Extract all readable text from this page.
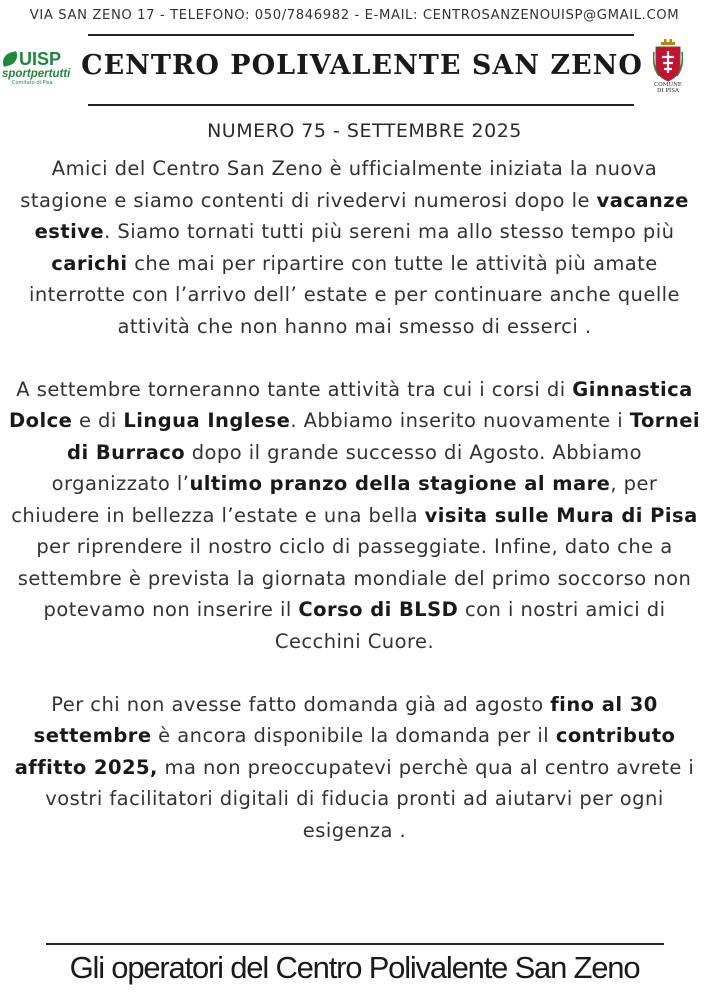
VIA SAN ZENO 17 - TELEFONO: 050/7846982 - E-MAIL: CENTROSANZENOUISP@GMAIL.COM
UISP
sportpertutti
Comitato di Pisa
CENTRO POLIVALENTE SAN ZENO
COMUNE DI PISA
NUMERO 75 - SETTEMBRE 2025

Amici del Centro San Zeno è ufficialmente iniziata la nuova stagione e siamo contenti di rivedervi numerosi dopo le vacanze estive. Siamo tornati tutti più sereni ma allo stesso tempo più carichi che mai per ripartire con tutte le attività più amate interrotte con l’arrivo dell’ estate e per continuare anche quelle attività che non hanno mai smesso di esserci .

A settembre torneranno tante attività tra cui i corsi di Ginnastica Dolce e di Lingua Inglese. Abbiamo inserito nuovamente i Tornei di Burraco dopo il grande successo di Agosto. Abbiamo organizzato l’ultimo pranzo della stagione al mare, per chiudere in bellezza l’estate e una bella visita sulle Mura di Pisa per riprendere il nostro ciclo di passeggiate. Infine, dato che a settembre è prevista la giornata mondiale del primo soccorso non potevamo non inserire il Corso di BLSD con i nostri amici di Cecchini Cuore.

Per chi non avesse fatto domanda già ad agosto fino al 30 settembre è ancora disponibile la domanda per il contributo affitto 2025, ma non preoccupatevi perchè qua al centro avrete i vostri facilitatori digitali di fiducia pronti ad aiutarvi per ogni esigenza .

Gli operatori del Centro Polivalente San Zeno
